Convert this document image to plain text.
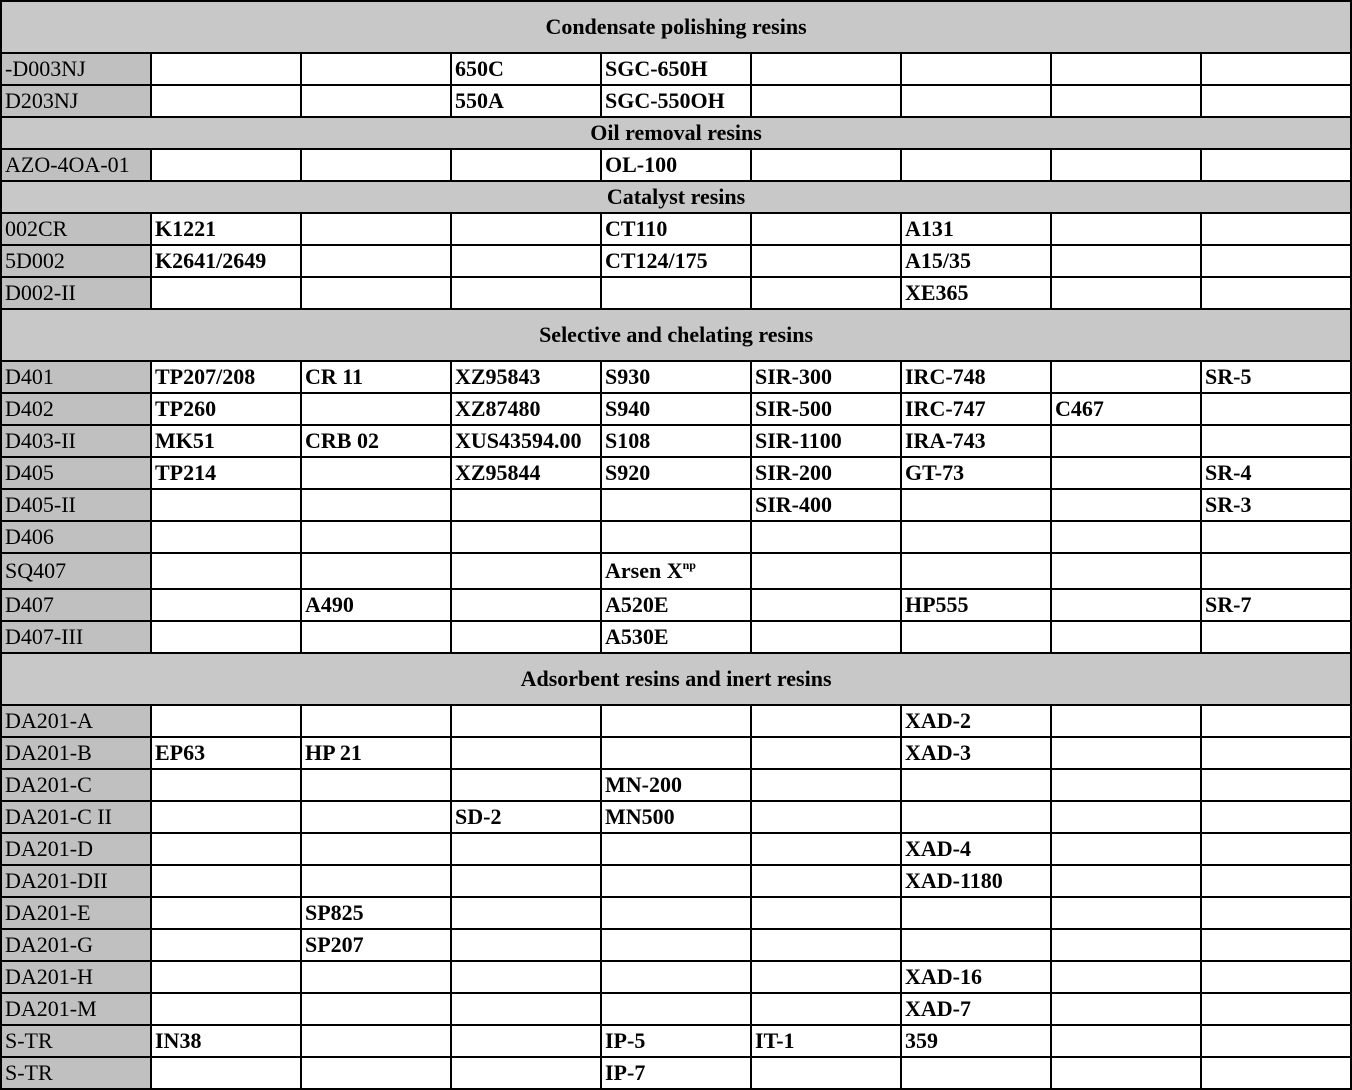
Condensate polishing resins								
-D003NJ			650C	SGC-650H				
D203NJ			550A	SGC-550OH				
Oil removal resins								
AZO-4OA-01				OL-100				
Catalyst resins								
002CR	K1221			CT110		A131		
5D002	K2641/2649			CT124/175		A15/35		
D002-II						XE365		
Selective and chelating resins								
D401	TP207/208	CR 11	XZ95843	S930	SIR-300	IRC-748		SR-5
D402	TP260		XZ87480	S940	SIR-500	IRC-747	C467	
D403-II	MK51	CRB 02	XUS43594.00	S108	SIR-1100	IRA-743		
D405	TP214		XZ95844	S920	SIR-200	GT-73		SR-4
D405-II					SIR-400			SR-3
D406								
SQ407				Arsen $X^{np}$				
D407		A490		A520E		HP555		SR-7
D407-III				A530E				
Adsorbent resins and inert resins								
DA201-A						XAD-2		
DA201-B	EP63	HP 21				XAD-3		
DA201-C				MN-200				
DA201-C II			SD-2	MN500				
DA201-D						XAD-4		
DA201-DII						XAD-1180		
DA201-E		SP825						
DA201-G		SP207						
DA201-H						XAD-16		
DA201-M						XAD-7		
S-TR	IN38			IP-5	IT-1	359		
S-TR				IP-7				
